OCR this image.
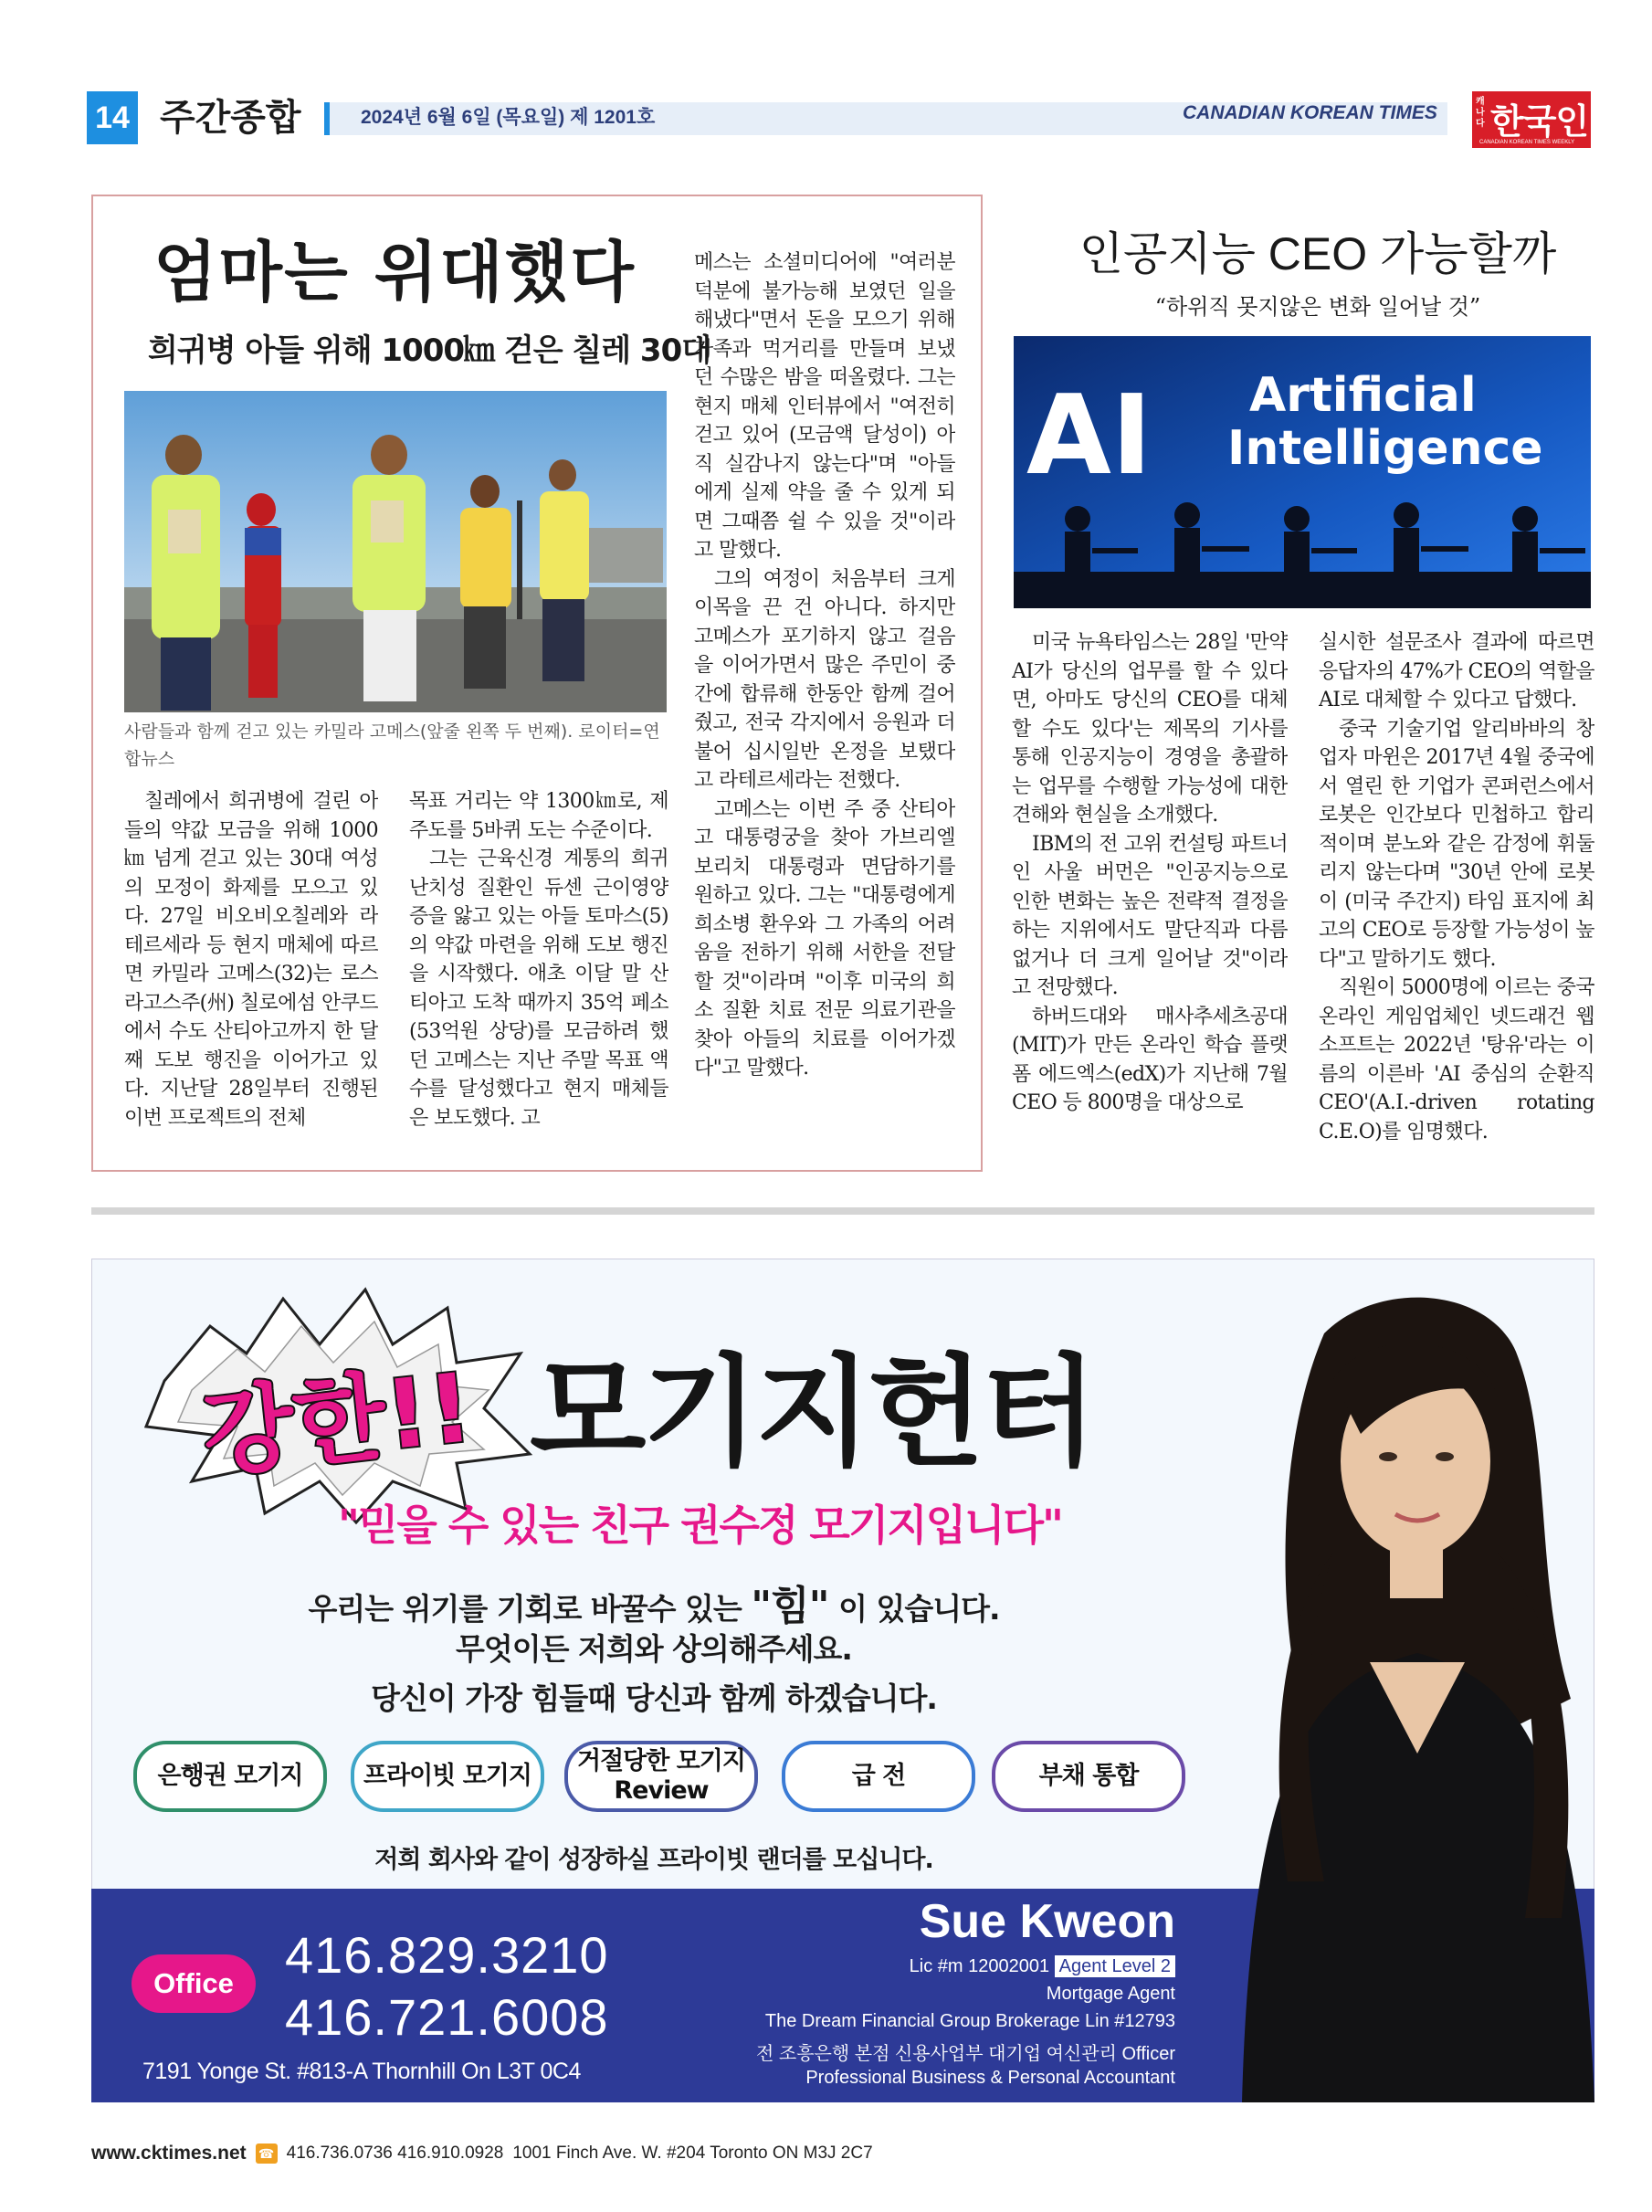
14 주간종합	2024년 6월 6일 (목요일) 제 1201호	CANADIAN KOREAN TIMES
캐나다 한국인
CANADIAN KOREAN TIMES WEEKLY
엄마는 위대했다
희귀병 아들 위해 1000㎞ 걷은 칠레 30대
사람들과 함께 걷고 있는 카밀라 고메스(앞줄 왼쪽 두 번째). 로이터=연합뉴스

칠레에서 희귀병에 걸린 아들의 약값 모금을 위해 1000㎞ 넘게 걷고 있는 30대 여성의 모정이 화제를 모으고 있다. 27일 비오비오칠레와 라테르세라 등 현지 매체에 따르면 카밀라 고메스(32)는 로스라고스주(州) 칠로에섬 안쿠드에서 수도 산티아고까지 한 달째 도보 행진을 이어가고 있다. 지난달 28일부터 진행된 이번 프로젝트의 전체

목표 거리는 약 1300㎞로, 제주도를 5바퀴 도는 수준이다.

그는 근육신경 계통의 희귀 난치성 질환인 듀센 근이영양증을 앓고 있는 아들 토마스(5)의 약값 마련을 위해 도보 행진을 시작했다. 애초 이달 말 산티아고 도착 때까지 35억 페소(53억원 상당)를 모금하려 했던 고메스는 지난 주말 목표 액수를 달성했다고 현지 매체들은 보도했다. 고

메스는 소셜미디어에 "여러분 덕분에 불가능해 보였던 일을 해냈다"면서 돈을 모으기 위해 가족과 먹거리를 만들며 보냈던 수많은 밤을 떠올렸다. 그는 현지 매체 인터뷰에서 "여전히 걷고 있어 (모금액 달성이) 아직 실감나지 않는다"며 "아들에게 실제 약을 줄 수 있게 되면 그때쯤 쉴 수 있을 것"이라고 말했다.

그의 여정이 처음부터 크게 이목을 끈 건 아니다. 하지만 고메스가 포기하지 않고 걸음을 이어가면서 많은 주민이 중간에 합류해 한동안 함께 걸어줬고, 전국 각지에서 응원과 더불어 십시일반 온정을 보탰다고 라테르세라는 전했다.

고메스는 이번 주 중 산티아고 대통령궁을 찾아 가브리엘 보리치 대통령과 면담하기를 원하고 있다. 그는 "대통령에게 희소병 환우와 그 가족의 어려움을 전하기 위해 서한을 전달할 것"이라며 "이후 미국의 희소 질환 치료 전문 의료기관을 찾아 아들의 치료를 이어가겠다"고 말했다.

인공지능 CEO 가능할까
“하위직 못지않은 변화 일어날 것”
AI Artificial
Intelligence

미국 뉴욕타임스는 28일 '만약 AI가 당신의 업무를 할 수 있다면, 아마도 당신의 CEO를 대체할 수도 있다'는 제목의 기사를 통해 인공지능이 경영을 총괄하는 업무를 수행할 가능성에 대한 견해와 현실을 소개했다.

IBM의 전 고위 컨설팅 파트너인 사울 버먼은 "인공지능으로 인한 변화는 높은 전략적 결정을 하는 지위에서도 말단직과 다름없거나 더 크게 일어날 것"이라고 전망했다.

하버드대와 매사추세츠공대(MIT)가 만든 온라인 학습 플랫폼 에드엑스(edX)가 지난해 7월 CEO 등 800명을 대상으로

실시한 설문조사 결과에 따르면 응답자의 47%가 CEO의 역할을 AI로 대체할 수 있다고 답했다.

중국 기술기업 알리바바의 창업자 마윈은 2017년 4월 중국에서 열린 한 기업가 콘퍼런스에서 로봇은 인간보다 민첩하고 합리적이며 분노와 같은 감정에 휘둘리지 않는다며 "30년 안에 로봇이 (미국 주간지) 타임 표지에 최고의 CEO로 등장할 가능성이 높다"고 말하기도 했다.

직원이 5000명에 이르는 중국 온라인 게임업체인 넷드래건 웹소프트는 2022년 '탕유'라는 이름의 이른바 'AI 중심의 순환직 CEO'(A.I.-driven rotating C.E.O)를 임명했다.

강한!! 모기지헌터
"믿을 수 있는 친구 권수정 모기지입니다"
우리는 위기를 기회로 바꿀수 있는 "힘" 이 있습니다.
무엇이든 저희와 상의해주세요.
당신이 가장 힘들때 당신과 함께 하겠습니다.
은행권 모기지 프라이빗 모기지
거절당한 모기지
Review
급 전	부채 통합
저희 회사와 같이 성장하실 프라이빗 랜더를 모십니다.
Office	416.829.3210
416.721.6008
7191 Yonge St. #813-A Thornhill On L3T 0C4
Sue Kweon
Lic #m 12002001 Agent Level 2
Mortgage Agent
The Dream Financial Group Brokerage Lin #12793
전 조흥은행 본점 신용사업부 대기업 여신관리 Officer
Professional Business & Personal Accountant
www.cktimes.net ☎ 416.736.0736 416.910.0928 1001 Finch Ave. W. #204 Toronto ON M3J 2C7
